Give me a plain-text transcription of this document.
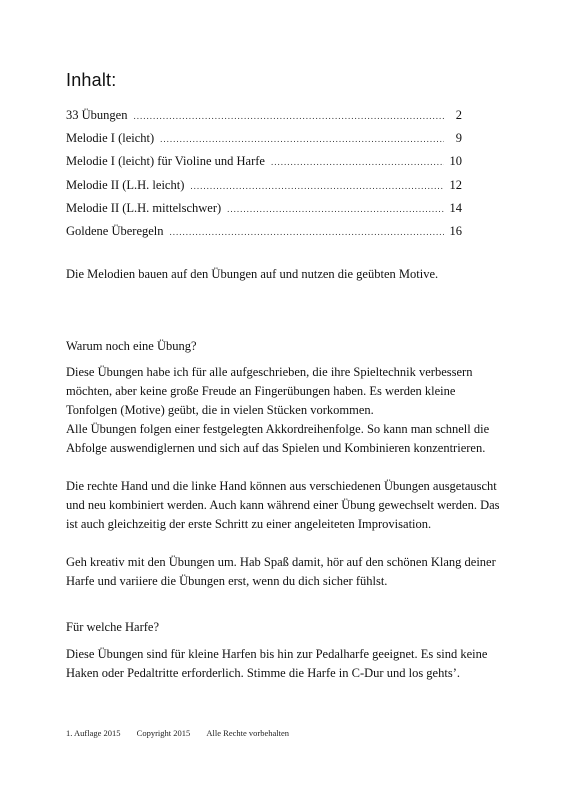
Inhalt:
33 Übungen .....	2
Melodie I (leicht) .....	9
Melodie I (leicht) für Violine und Harfe .....	10
Melodie II (L.H. leicht) .....	12
Melodie II (L.H. mittelschwer) .....	14
Goldene Überegeln .....	16

Die Melodien bauen auf den Übungen auf und nutzen die geübten Motive.

Warum noch eine Übung?

Diese Übungen habe ich für alle aufgeschrieben, die ihre Spieltechnik verbessern möchten, aber keine große Freude an Fingerübungen haben. Es werden kleine Tonfolgen (Motive) geübt, die in vielen Stücken vorkommen.

Alle Übungen folgen einer festgelegten Akkordreihenfolge. So kann man schnell die Abfolge auswendiglernen und sich auf das Spielen und Kombinieren konzentrieren.

Die rechte Hand und die linke Hand können aus verschiedenen Übungen ausgetauscht und neu kombiniert werden. Auch kann während einer Übung gewechselt werden. Das ist auch gleichzeitig der erste Schritt zu einer angeleiteten Improvisation.

Geh kreativ mit den Übungen um. Hab Spaß damit, hör auf den schönen Klang deiner Harfe und variiere die Übungen erst, wenn du dich sicher fühlst.

Für welche Harfe?

Diese Übungen sind für kleine Harfen bis hin zur Pedalharfe geeignet. Es sind keine Haken oder Pedaltritte erforderlich. Stimme die Harfe in C-Dur und los gehts’.

1. Auflage 2015 Copyright 2015 Alle Rechte vorbehalten
